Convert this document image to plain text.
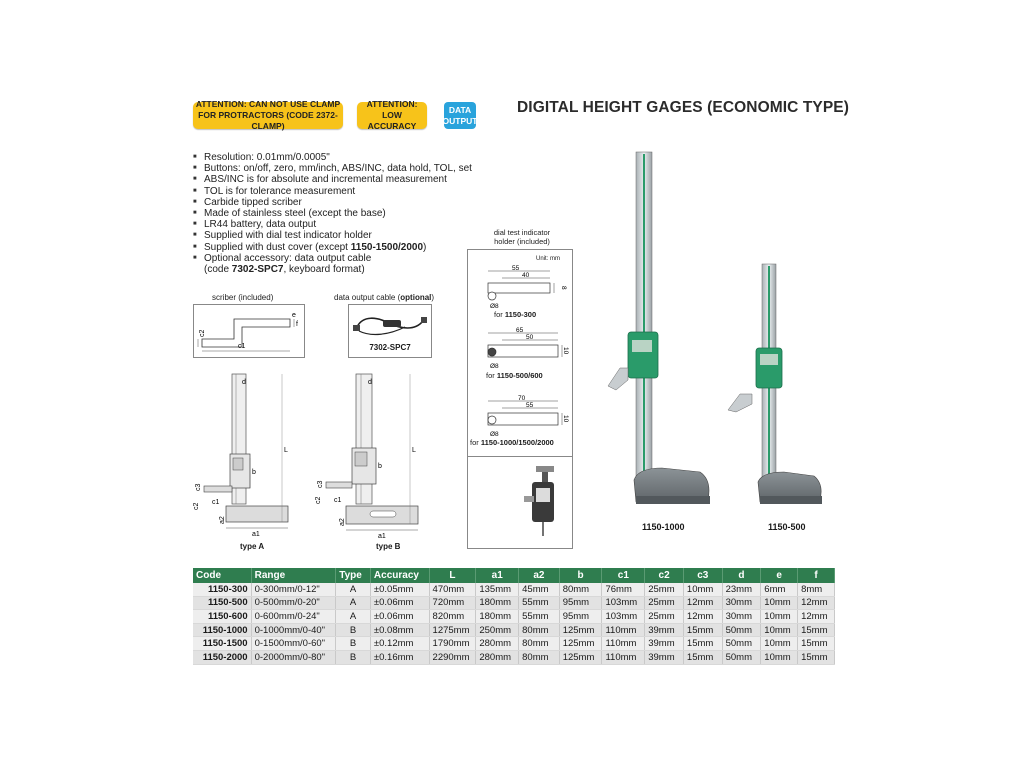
ATTENTION: CAN NOT USE CLAMP FOR PROTRACTORS (CODE 2372-CLAMP)
ATTENTION: LOW ACCURACY
DATA OUTPUT
DIGITAL HEIGHT GAGES (ECONOMIC TYPE)
■ Resolution: 0.01mm/0.0005"
■ Buttons: on/off, zero, mm/inch, ABS/INC, data hold, TOL, set
■ ABS/INC is for absolute and incremental measurement
■ TOL is for tolerance measurement
■ Carbide tipped scriber
■ Made of stainless steel (except the base)
■ LR44 battery, data output
■ Supplied with dial test indicator holder
■ Supplied with dust cover (except 1150-1500/2000)
■ Optional accessory: data output cable
(code 7302-SPC7, keyboard format)
scriber (included)
c1
c2
e
f
data output cable (optional)
7302-SPC7
d
L
b
c3
c2
c1
a2
a1
type A
d
L
b
c3
c2 c1
a2
a1
type B
dial test indicator holder (included)
Unit: mm
55
40
8
Ø8
for 1150-300
65
50
10
Ø8
for 1150-500/600
70
55
10
Ø8
for 1150-1000/1500/2000
1150-1000	1150-500
Code	Range	Type	Accuracy	L	a1	a2	b	c1	c2	c3	d	e	f
1150-300	0-300mm/0-12"	A	±0.05mm	470mm	135mm	45mm	80mm	76mm	25mm	10mm	23mm	6mm	8mm
1150-500	0-500mm/0-20"	A	±0.06mm	720mm	180mm	55mm	95mm	103mm	25mm	12mm	30mm	10mm	12mm
1150-600	0-600mm/0-24"	A	±0.06mm	820mm	180mm	55mm	95mm	103mm	25mm	12mm	30mm	10mm	12mm
1150-1000	0-1000mm/0-40"	B	±0.08mm	1275mm	250mm	80mm	125mm	110mm	39mm	15mm	50mm	10mm	15mm
1150-1500	0-1500mm/0-60"	B	±0.12mm	1790mm	280mm	80mm	125mm	110mm	39mm	15mm	50mm	10mm	15mm
1150-2000	0-2000mm/0-80"	B	±0.16mm	2290mm	280mm	80mm	125mm	110mm	39mm	15mm	50mm	10mm	15mm
